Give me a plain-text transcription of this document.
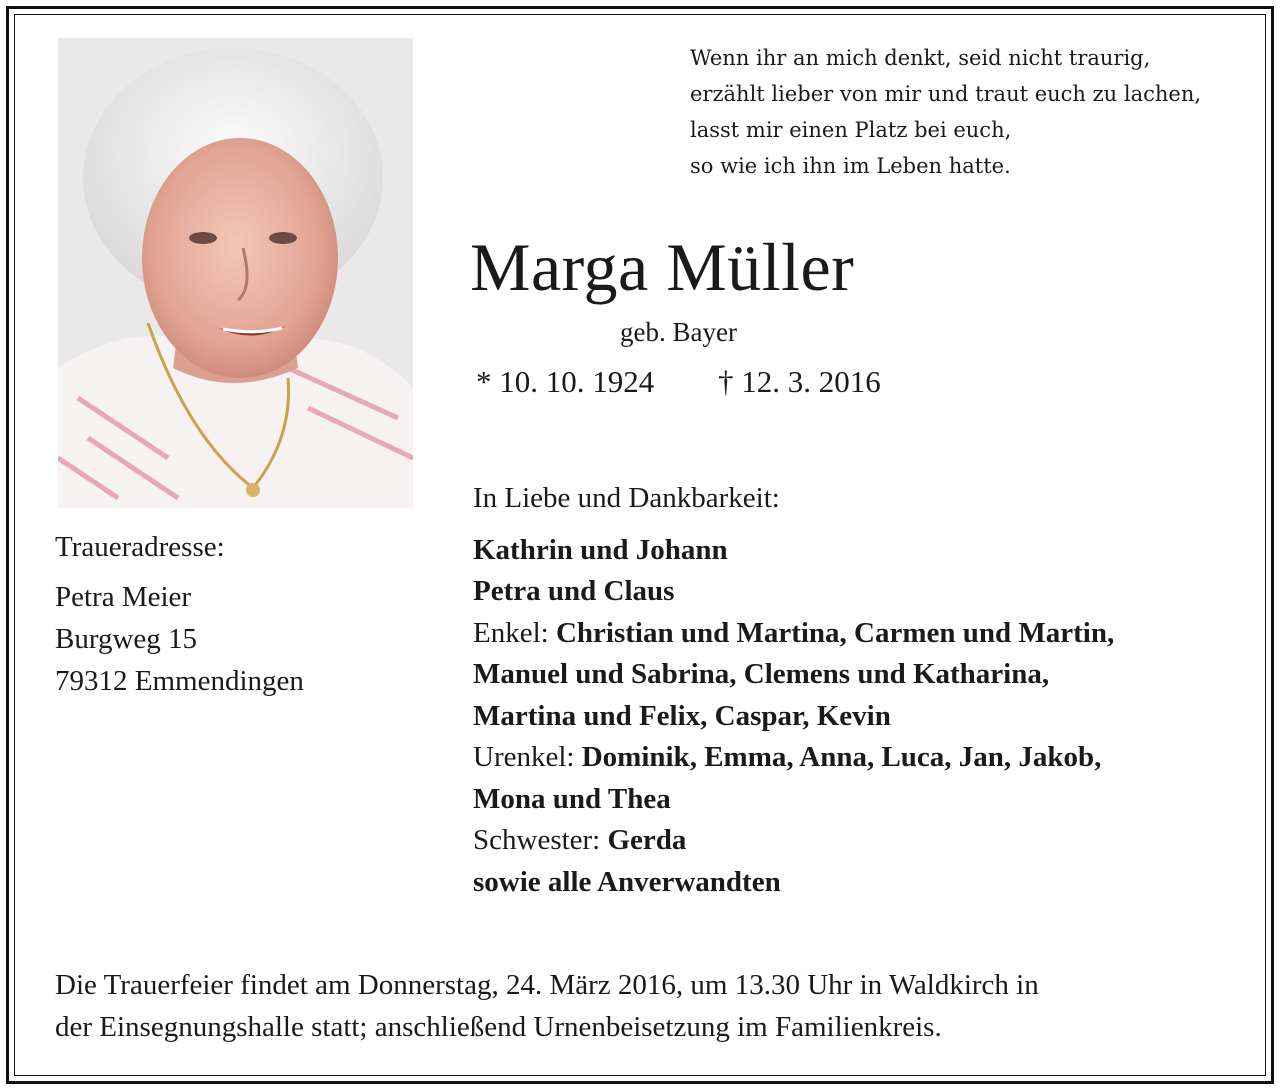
Wenn ihr an mich denkt, seid nicht traurig,
erzählt lieber von mir und traut euch zu lachen,
lasst mir einen Platz bei euch,
so wie ich ihn im Leben hatte.
Marga Müller
geb. Bayer
* 10. 10. 1924 † 12. 3. 2016
In Liebe und Dankbarkeit:
Kathrin und Johann
Petra und Claus
Enkel: Christian und Martina, Carmen und Martin,
Manuel und Sabrina, Clemens und Katharina,
Martina und Felix, Caspar, Kevin
Urenkel: Dominik, Emma, Anna, Luca, Jan, Jakob,
Mona und Thea
Schwester: Gerda
sowie alle Anverwandten
Traueradresse:
Petra Meier
Burgweg 15
79312 Emmendingen
Die Trauerfeier findet am Donnerstag, 24. März 2016, um 13.30 Uhr in Waldkirch in
der Einsegnungshalle statt; anschließend Urnenbeisetzung im Familienkreis.
